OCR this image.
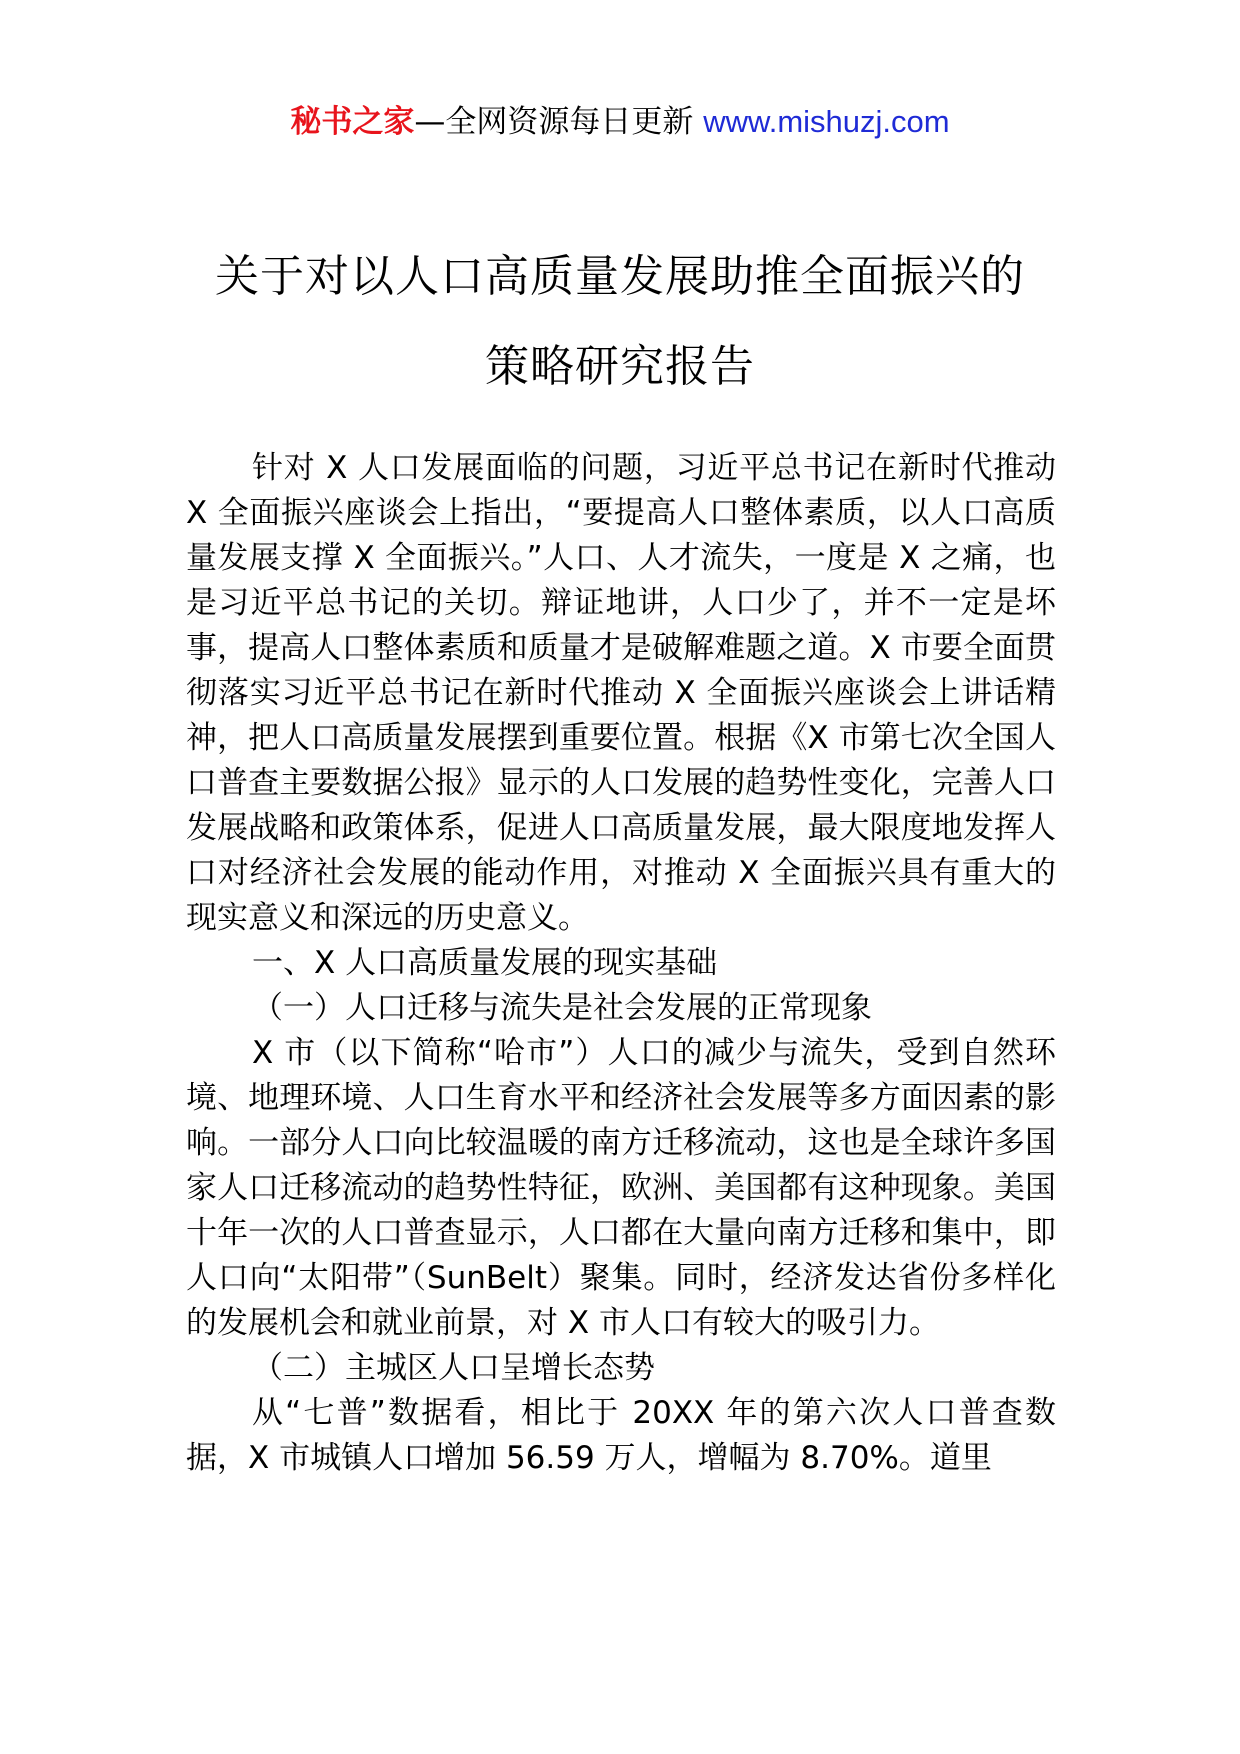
秘书之家—全网资源每日更新 www.mishuzj.com
关于对以人口高质量发展助推全面振兴的
策略研究报告

针对 X 人口发展面临的问题，习近平总书记在新时代推动 X 全面振兴座谈会上指出，“要提高人口整体素质，以人口高质量发展支撑 X 全面振兴。”人口、人才流失，一度是 X 之痛，也是习近平总书记的关切。辩证地讲，人口少了，并不一定是坏事，提高人口整体素质和质量才是破解难题之道。X 市要全面贯彻落实习近平总书记在新时代推动 X 全面振兴座谈会上讲话精神，把人口高质量发展摆到重要位置。根据《X 市第七次全国人口普查主要数据公报》显示的人口发展的趋势性变化，完善人口发展战略和政策体系，促进人口高质量发展，最大限度地发挥人口对经济社会发展的能动作用，对推动 X 全面振兴具有重大的现实意义和深远的历史意义。

一、X 人口高质量发展的现实基础

（一）人口迁移与流失是社会发展的正常现象

X 市（以下简称“哈市”）人口的减少与流失，受到自然环境、地理环境、人口生育水平和经济社会发展等多方面因素的影响。一部分人口向比较温暖的南方迁移流动，这也是全球许多国家人口迁移流动的趋势性特征，欧洲、美国都有这种现象。美国十年一次的人口普查显示，人口都在大量向南方迁移和集中，即人口向“太阳带”（SunBelt）聚集。同时，经济发达省份多样化的发展机会和就业前景，对 X 市人口有较大的吸引力。

（二）主城区人口呈增长态势

从“七普”数据看，相比于 20XX 年的第六次人口普查数据，X 市城镇人口增加 56.59 万人，增幅为 8.70%。道里
